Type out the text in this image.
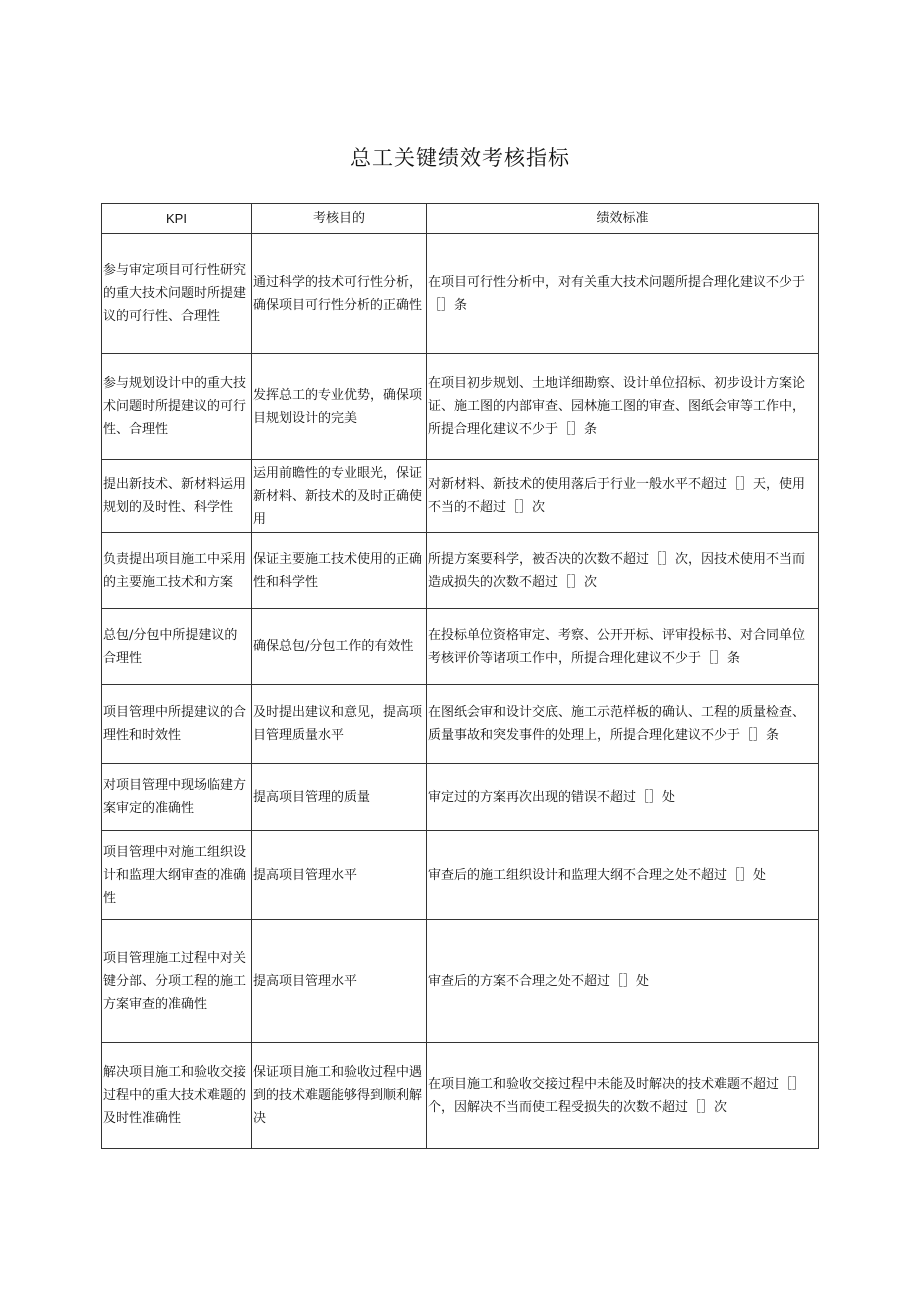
总工关键绩效考核指标
KPI	考核目的	绩效标准
参与审定项目可行性研究的重大技术问题时所提建议的可行性、合理性	通过科学的技术可行性分析，确保项目可行性分析的正确性	在项目可行性分析中，对有关重大技术问题所提合理化建议不少于［］条
参与规划设计中的重大技术问题时所提建议的可行性、合理性	发挥总工的专业优势，确保项目规划设计的完美	在项目初步规划、土地详细勘察、设计单位招标、初步设计方案论证、施工图的内部审查、园林施工图的审查、图纸会审等工作中，所提合理化建议不少于［］条
提出新技术、新材料运用规划的及时性、科学性	运用前瞻性的专业眼光，保证新材料、新技术的及时正确使用	对新材料、新技术的使用落后于行业一般水平不超过［］天，使用不当的不超过［］次
负责提出项目施工中采用的主要施工技术和方案	保证主要施工技术使用的正确性和科学性	所提方案要科学，被否决的次数不超过［］次，因技术使用不当而造成损失的次数不超过［］次
总包/分包中所提建议的合理性	确保总包/分包工作的有效性	在投标单位资格审定、考察、公开开标、评审投标书、对合同单位考核评价等诸项工作中，所提合理化建议不少于［］条
项目管理中所提建议的合理性和时效性	及时提出建议和意见，提高项目管理质量水平	在图纸会审和设计交底、施工示范样板的确认、工程的质量检查、质量事故和突发事件的处理上，所提合理化建议不少于［］条
对项目管理中现场临建方案审定的准确性	提高项目管理的质量	审定过的方案再次出现的错误不超过［］处
项目管理中对施工组织设计和监理大纲审查的准确性	提高项目管理水平	审查后的施工组织设计和监理大纲不合理之处不超过［］处
项目管理施工过程中对关键分部、分项工程的施工方案审查的准确性	提高项目管理水平	审查后的方案不合理之处不超过［］处
解决项目施工和验收交接过程中的重大技术难题的及时性准确性	保证项目施工和验收过程中遇到的技术难题能够得到顺利解决	在项目施工和验收交接过程中未能及时解决的技术难题不超过［］个，因解决不当而使工程受损失的次数不超过［］次
